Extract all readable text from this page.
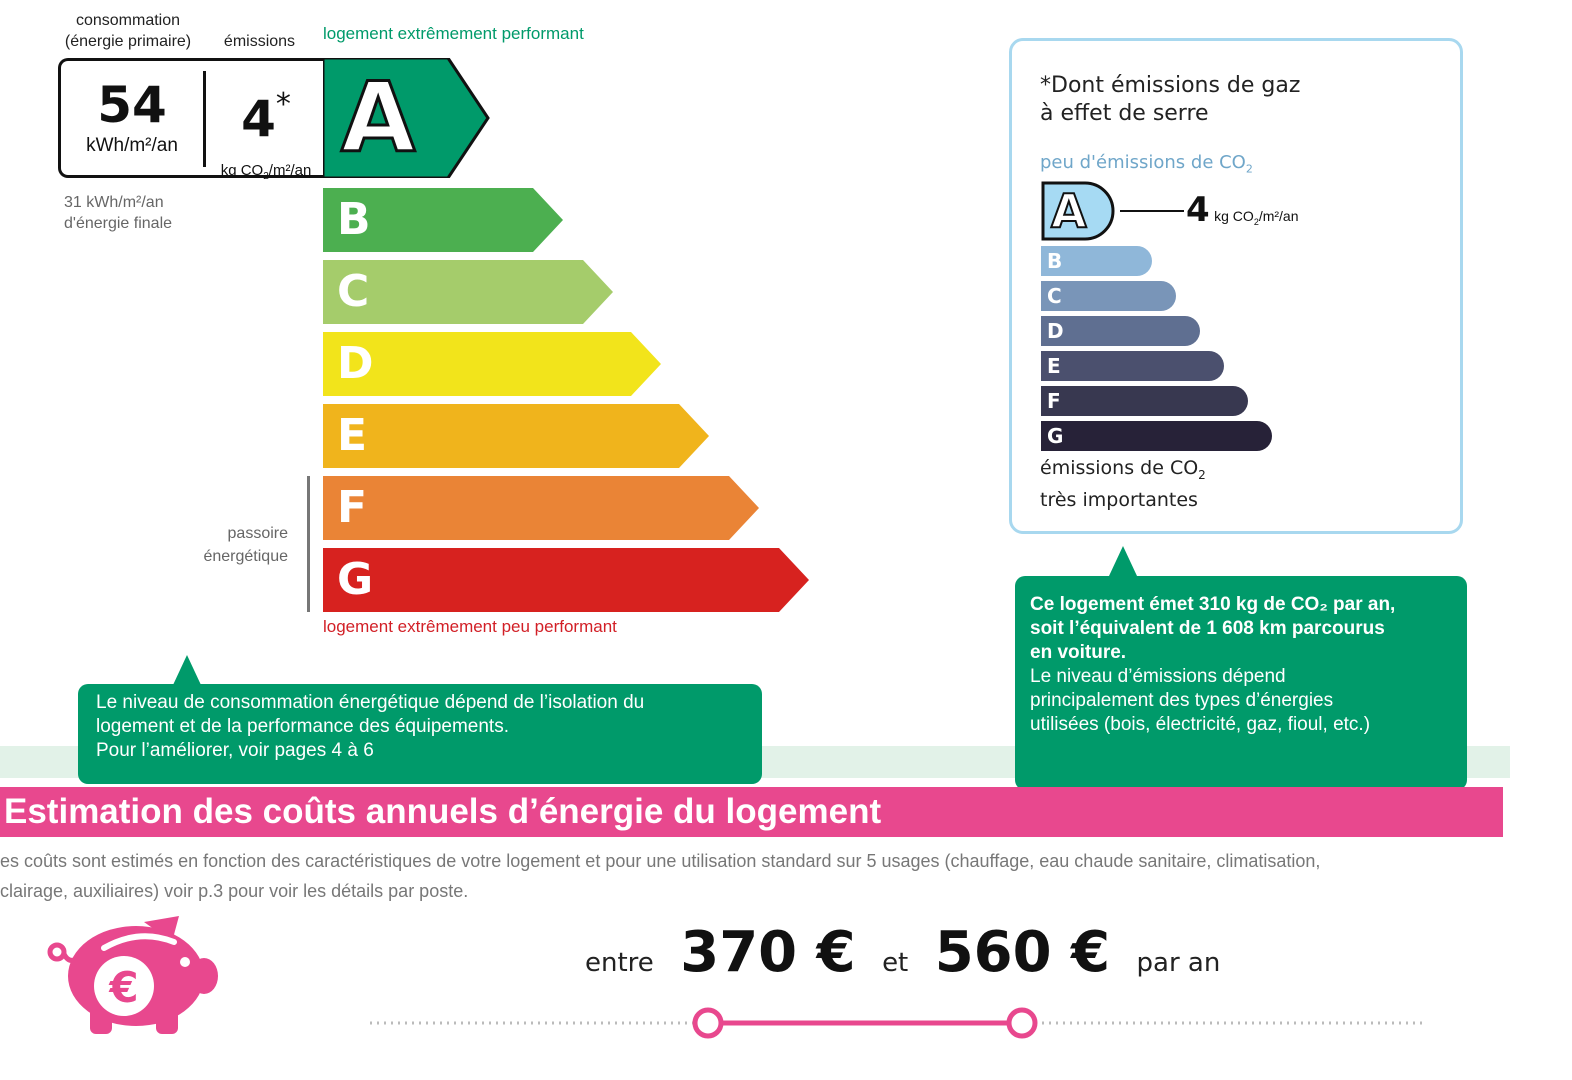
consommation
(énergie primaire)	émissions	logement extrêmement performant
54
kWh/m²/an	4*
kg $CO_2/m^2/an$ A
31 kWh/m²/an
d'énergie finale	B
C
D
E
F
G
passoire
énergétique
logement extrêmement peu performant
Le niveau de consommation énergétique dépend de l’isolation du
logement et de la performance des équipements.
Pour l’améliorer, voir pages 4 à 6
*Dont émissions de gaz
à effet de serre
peu d'émissions de $CO_2$
A	4 kg $CO_2/m^2/an$
B
C
D
E
F
G
émissions de $CO_2$
très importantes
Ce logement émet 310 kg de CO₂ par an,
soit l’équivalent de 1 608 km parcourus
en voiture.
Le niveau d’émissions dépend
principalement des types d’énergies
utilisées (bois, électricité, gaz, fioul, etc.)
Estimation des coûts annuels d’énergie du logement
es coûts sont estimés en fonction des caractéristiques de votre logement et pour une utilisation standard sur 5 usages (chauffage, eau chaude sanitaire, climatisation,
clairage, auxiliaires) voir p.3 pour voir les détails par poste.
€	entre 370 € et 560 € par an
